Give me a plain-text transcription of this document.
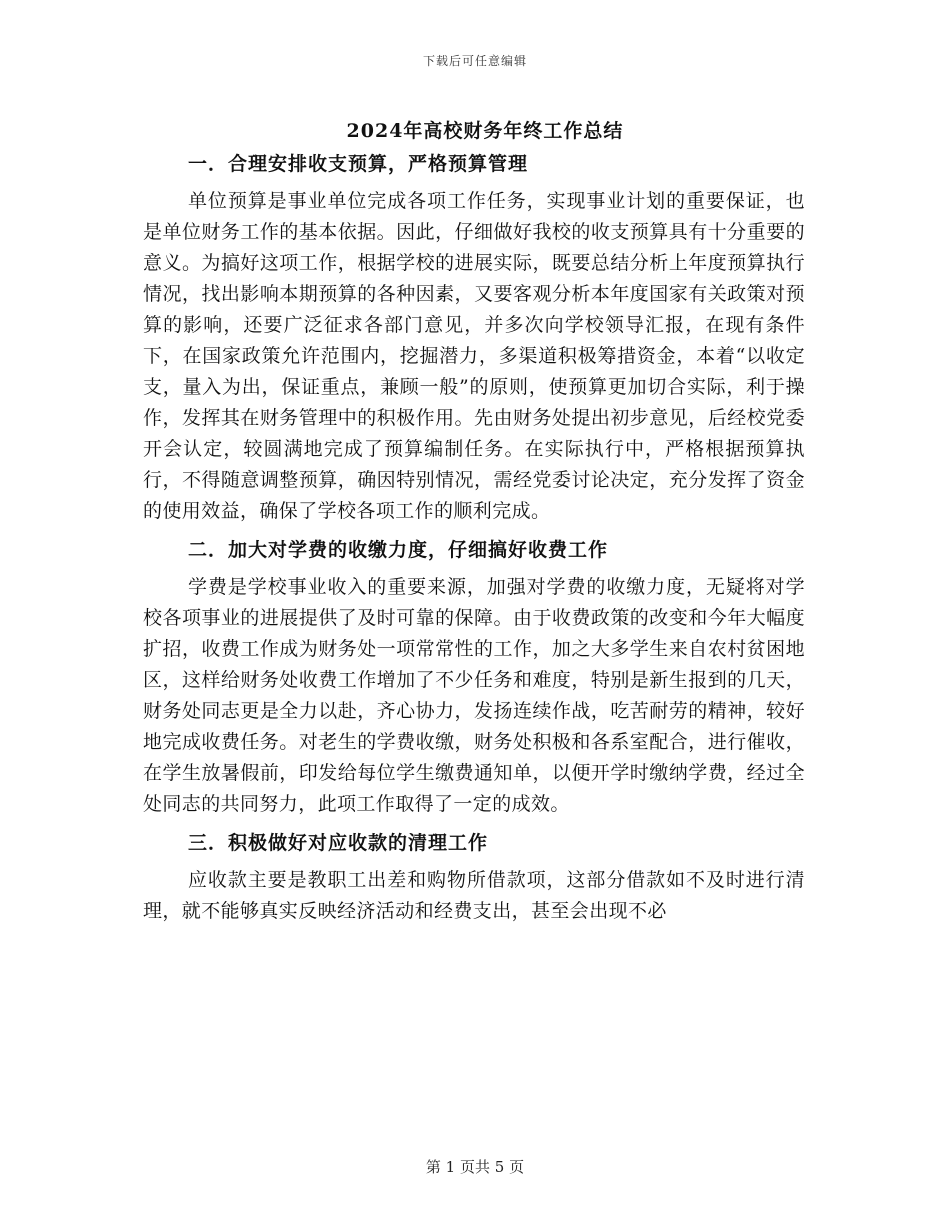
下载后可任意编辑
2024年高校财务年终工作总结
一．合理安排收支预算，严格预算管理

单位预算是事业单位完成各项工作任务，实现事业计划的重要保证，也是单位财务工作的基本依据。因此，仔细做好我校的收支预算具有十分重要的意义。为搞好这项工作，根据学校的进展实际，既要总结分析上年度预算执行情况，找出影响本期预算的各种因素，又要客观分析本年度国家有关政策对预算的影响，还要广泛征求各部门意见，并多次向学校领导汇报，在现有条件下，在国家政策允许范围内，挖掘潜力，多渠道积极筹措资金，本着“以收定支，量入为出，保证重点，兼顾一般”的原则，使预算更加切合实际，利于操作，发挥其在财务管理中的积极作用。先由财务处提出初步意见，后经校党委开会认定，较圆满地完成了预算编制任务。在实际执行中，严格根据预算执行，不得随意调整预算，确因特别情况，需经党委讨论决定，充分发挥了资金的使用效益，确保了学校各项工作的顺利完成。

二．加大对学费的收缴力度，仔细搞好收费工作

学费是学校事业收入的重要来源，加强对学费的收缴力度，无疑将对学校各项事业的进展提供了及时可靠的保障。由于收费政策的改变和今年大幅度扩招，收费工作成为财务处一项常常性的工作，加之大多学生来自农村贫困地区，这样给财务处收费工作增加了不少任务和难度，特别是新生报到的几天，财务处同志更是全力以赴，齐心协力，发扬连续作战，吃苦耐劳的精神，较好地完成收费任务。对老生的学费收缴，财务处积极和各系室配合，进行催收，在学生放暑假前，印发给每位学生缴费通知单，以便开学时缴纳学费，经过全处同志的共同努力，此项工作取得了一定的成效。

三．积极做好对应收款的清理工作

应收款主要是教职工出差和购物所借款项，这部分借款如不及时进行清理，就不能够真实反映经济活动和经费支出，甚至会出现不必

第 1 页共 5 页
